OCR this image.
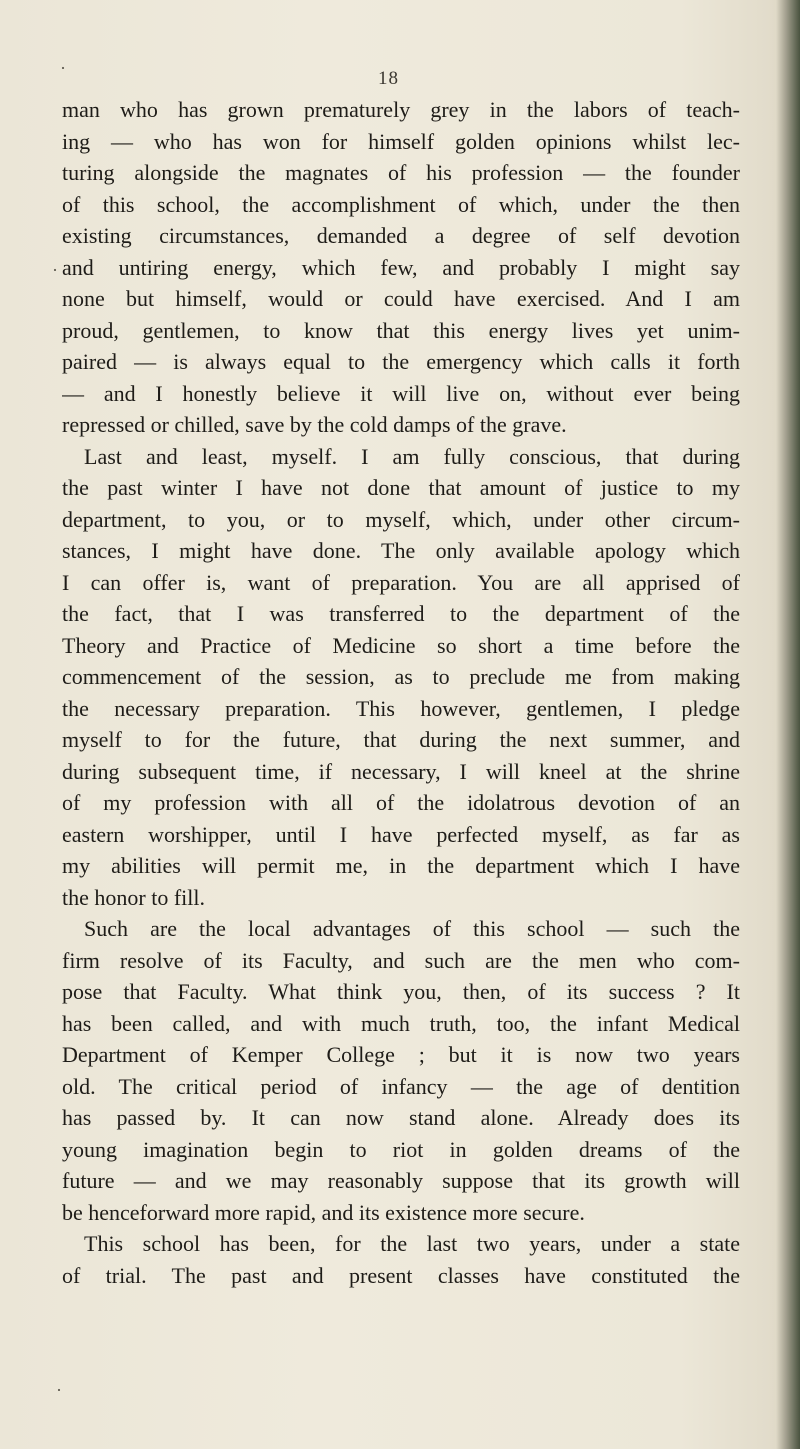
18
man who has grown prematurely grey in the labors of teach-
ing — who has won for himself golden opinions whilst lec-
turing alongside the magnates of his profession — the founder
of this school, the accomplishment of which, under the then
existing circumstances, demanded a degree of self devotion
and untiring energy, which few, and probably I might say
none but himself, would or could have exercised. And I am
proud, gentlemen, to know that this energy lives yet unim-
paired — is always equal to the emergency which calls it forth
— and I honestly believe it will live on, without ever being
repressed or chilled, save by the cold damps of the grave.
Last and least, myself. I am fully conscious, that during
the past winter I have not done that amount of justice to my
department, to you, or to myself, which, under other circum-
stances, I might have done. The only available apology which
I can offer is, want of preparation. You are all apprised of
the fact, that I was transferred to the department of the
Theory and Practice of Medicine so short a time before the
commencement of the session, as to preclude me from making
the necessary preparation. This however, gentlemen, I pledge
myself to for the future, that during the next summer, and
during subsequent time, if necessary, I will kneel at the shrine
of my profession with all of the idolatrous devotion of an
eastern worshipper, until I have perfected myself, as far as
my abilities will permit me, in the department which I have
the honor to fill.
Such are the local advantages of this school — such the
firm resolve of its Faculty, and such are the men who com-
pose that Faculty. What think you, then, of its success ? It
has been called, and with much truth, too, the infant Medical
Department of Kemper College ; but it is now two years
old. The critical period of infancy — the age of dentition
has passed by. It can now stand alone. Already does its
young imagination begin to riot in golden dreams of the
future — and we may reasonably suppose that its growth will
be henceforward more rapid, and its existence more secure.
This school has been, for the last two years, under a state
of trial. The past and present classes have constituted the
·
·
·
